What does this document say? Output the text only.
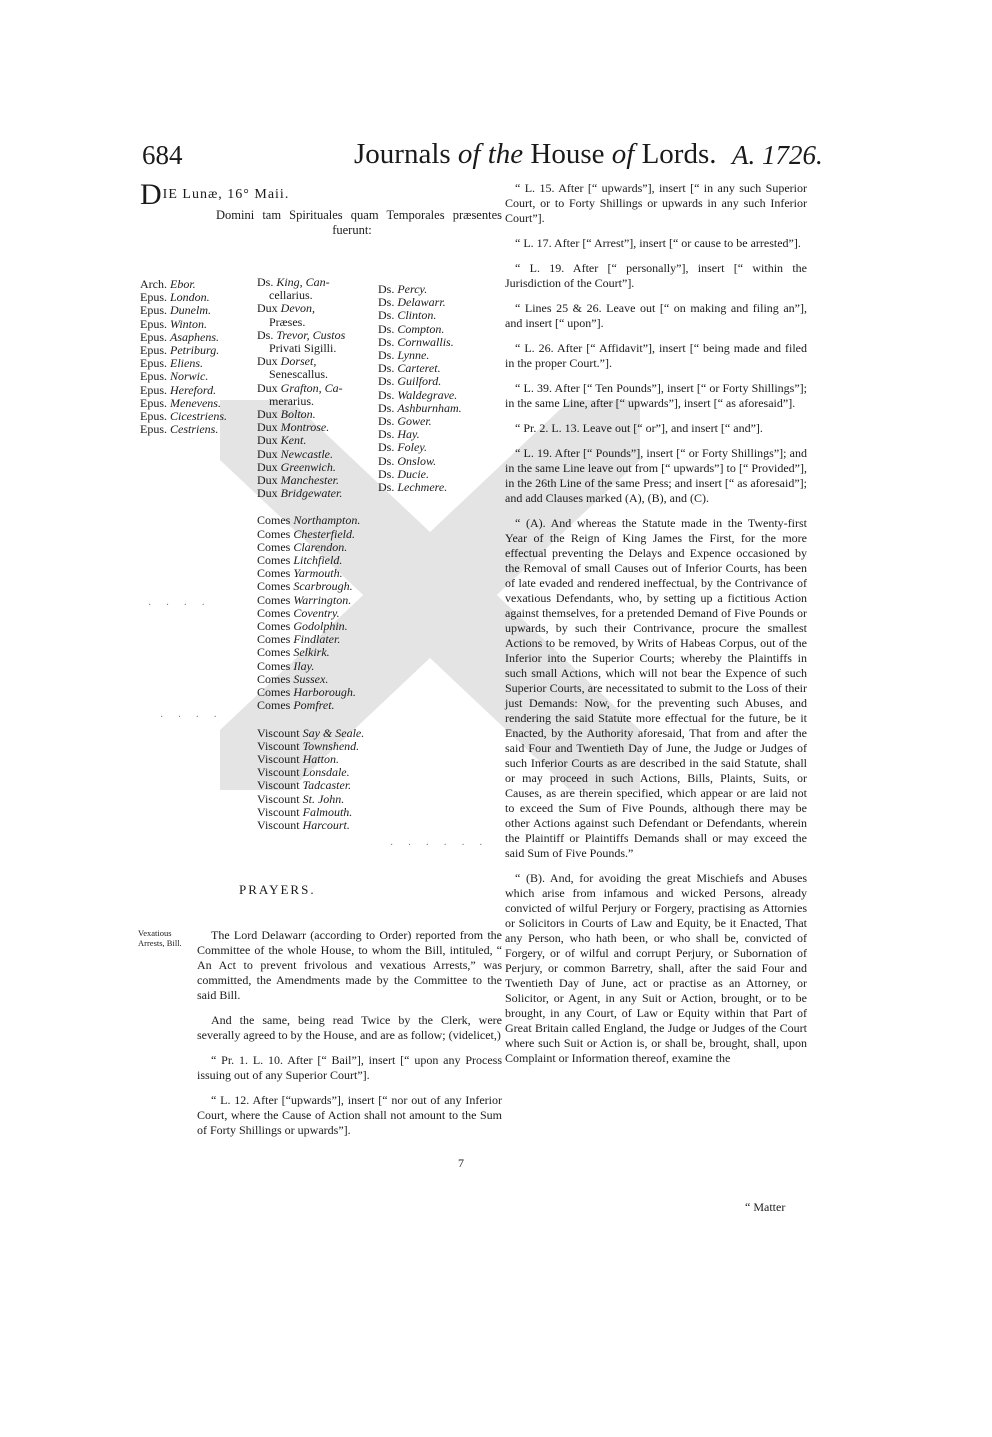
684	Journals of the House of Lords. A. 1726.
DIE Lunæ, 16° Maii.

Domini tam Spirituales quam Temporales præsentes fuerunt:

Arch. Ebor.
Epus. London.
Epus. Dunelm.
Epus. Winton.
Epus. Asaphens.
Epus. Petriburg.
Epus. Eliens.
Epus. Norwic.
Epus. Hereford.
Epus. Menevens.
Epus. Cicestriens.
Epus. Cestriens.
Ds. King, Can-
cellarius.
Dux Devon,
Præses.
Ds. Trevor, Custos
Privati Sigilli.
Dux Dorset,
Senescallus.
Dux Grafton, Ca-
merarius.
Dux Bolton.
Dux Montrose.
Dux Kent.
Dux Newcastle.
Dux Greenwich.
Dux Manchester.
Dux Bridgewater.
Comes Northampton.
Comes Chesterfield.
Comes Clarendon.
Comes Litchfield.
Comes Yarmouth.
Comes Scarbrough.
Comes Warrington.
Comes Coventry.
Comes Godolphin.
Comes Findlater.
Comes Selkirk.
Comes Ilay.
Comes Sussex.
Comes Harborough.
Comes Pomfret.
Viscount Say & Seale.
Viscount Townshend.
Viscount Hatton.
Viscount Lonsdale.
Viscount Tadcaster.
Viscount St. John.
Viscount Falmouth.
Viscount Harcourt.
Ds. Percy.
Ds. Delawarr.
Ds. Clinton.
Ds. Compton.
Ds. Cornwallis.
Ds. Lynne.
Ds. Carteret.
Ds. Guilford.
Ds. Waldegrave.
Ds. Ashburnham.
Ds. Gower.
Ds. Hay.
Ds. Foley.
Ds. Onslow.
Ds. Ducie.
Ds. Lechmere.
· · · ·
· · · ·
· · · · · ·
PRAYERS.
Vexatious Arrests, Bill.

The Lord Delawarr (according to Order) reported from the Committee of the whole House, to whom the Bill, intituled, “ An Act to prevent frivolous and vexatious Arrests,” was committed, the Amendments made by the Committee to the said Bill.

And the same, being read Twice by the Clerk, were severally agreed to by the House, and are as follow; (videlicet,)

“ Pr. 1. L. 10. After [“ Bail”], insert [“ upon any Process issuing out of any Superior Court”].

“ L. 12. After [“upwards”], insert [“ nor out of any Inferior Court, where the Cause of Action shall not amount to the Sum of Forty Shillings or upwards”].

7

“ L. 15. After [“ upwards”], insert [“ in any such Superior Court, or to Forty Shillings or upwards in any such Inferior Court”].

“ L. 17. After [“ Arrest”], insert [“ or cause to be arrested”].

“ L. 19. After [“ personally”], insert [“ within the Jurisdiction of the Court”].

“ Lines 25 & 26. Leave out [“ on making and filing an”], and insert [“ upon”].

“ L. 26. After [“ Affidavit”], insert [“ being made and filed in the proper Court.”].

“ L. 39. After [“ Ten Pounds”], insert [“ or Forty Shillings”]; in the same Line, after [“ upwards”], insert [“ as aforesaid”].

“ Pr. 2. L. 13. Leave out [“ or”], and insert [“ and”].

“ L. 19. After [“ Pounds”], insert [“ or Forty Shillings”]; and in the same Line leave out from [“ upwards”] to [“ Provided”], in the 26th Line of the same Press; and insert [“ as aforesaid”]; and add Clauses marked (A), (B), and (C).

“ (A). And whereas the Statute made in the Twenty-first Year of the Reign of King James the First, for the more effectual preventing the Delays and Expence occasioned by the Removal of small Causes out of Inferior Courts, has been of late evaded and rendered ineffectual, by the Contrivance of vexatious Defendants, who, by setting up a fictitious Action against themselves, for a pretended Demand of Five Pounds or upwards, by such their Contrivance, procure the smallest Actions to be removed, by Writs of Habeas Corpus, out of the Inferior into the Superior Courts; whereby the Plaintiffs in such small Actions, which will not bear the Expence of such Superior Courts, are necessitated to submit to the Loss of their just Demands: Now, for the preventing such Abuses, and rendering the said Statute more effectual for the future, be it Enacted, by the Authority aforesaid, That from and after the said Four and Twentieth Day of June, the Judge or Judges of such Inferior Courts as are described in the said Statute, shall or may proceed in such Actions, Bills, Plaints, Suits, or Causes, as are therein specified, which appear or are laid not to exceed the Sum of Five Pounds, although there may be other Actions against such Defendant or Defendants, wherein the Plaintiff or Plaintiffs Demands shall or may exceed the said Sum of Five Pounds.”

“ (B). And, for avoiding the great Mischiefs and Abuses which arise from infamous and wicked Persons, already convicted of wilful Perjury or Forgery, practising as Attornies or Solicitors in Courts of Law and Equity, be it Enacted, That any Person, who hath been, or who shall be, convicted of Forgery, or of wilful and corrupt Perjury, or Subornation of Perjury, or common Barretry, shall, after the said Four and Twentieth Day of June, act or practise as an Attorney, or Solicitor, or Agent, in any Suit or Action, brought, or to be brought, in any Court, of Law or Equity within that Part of Great Britain called England, the Judge or Judges of the Court where such Suit or Action is, or shall be, brought, shall, upon Complaint or Information thereof, examine the

“ Matter
